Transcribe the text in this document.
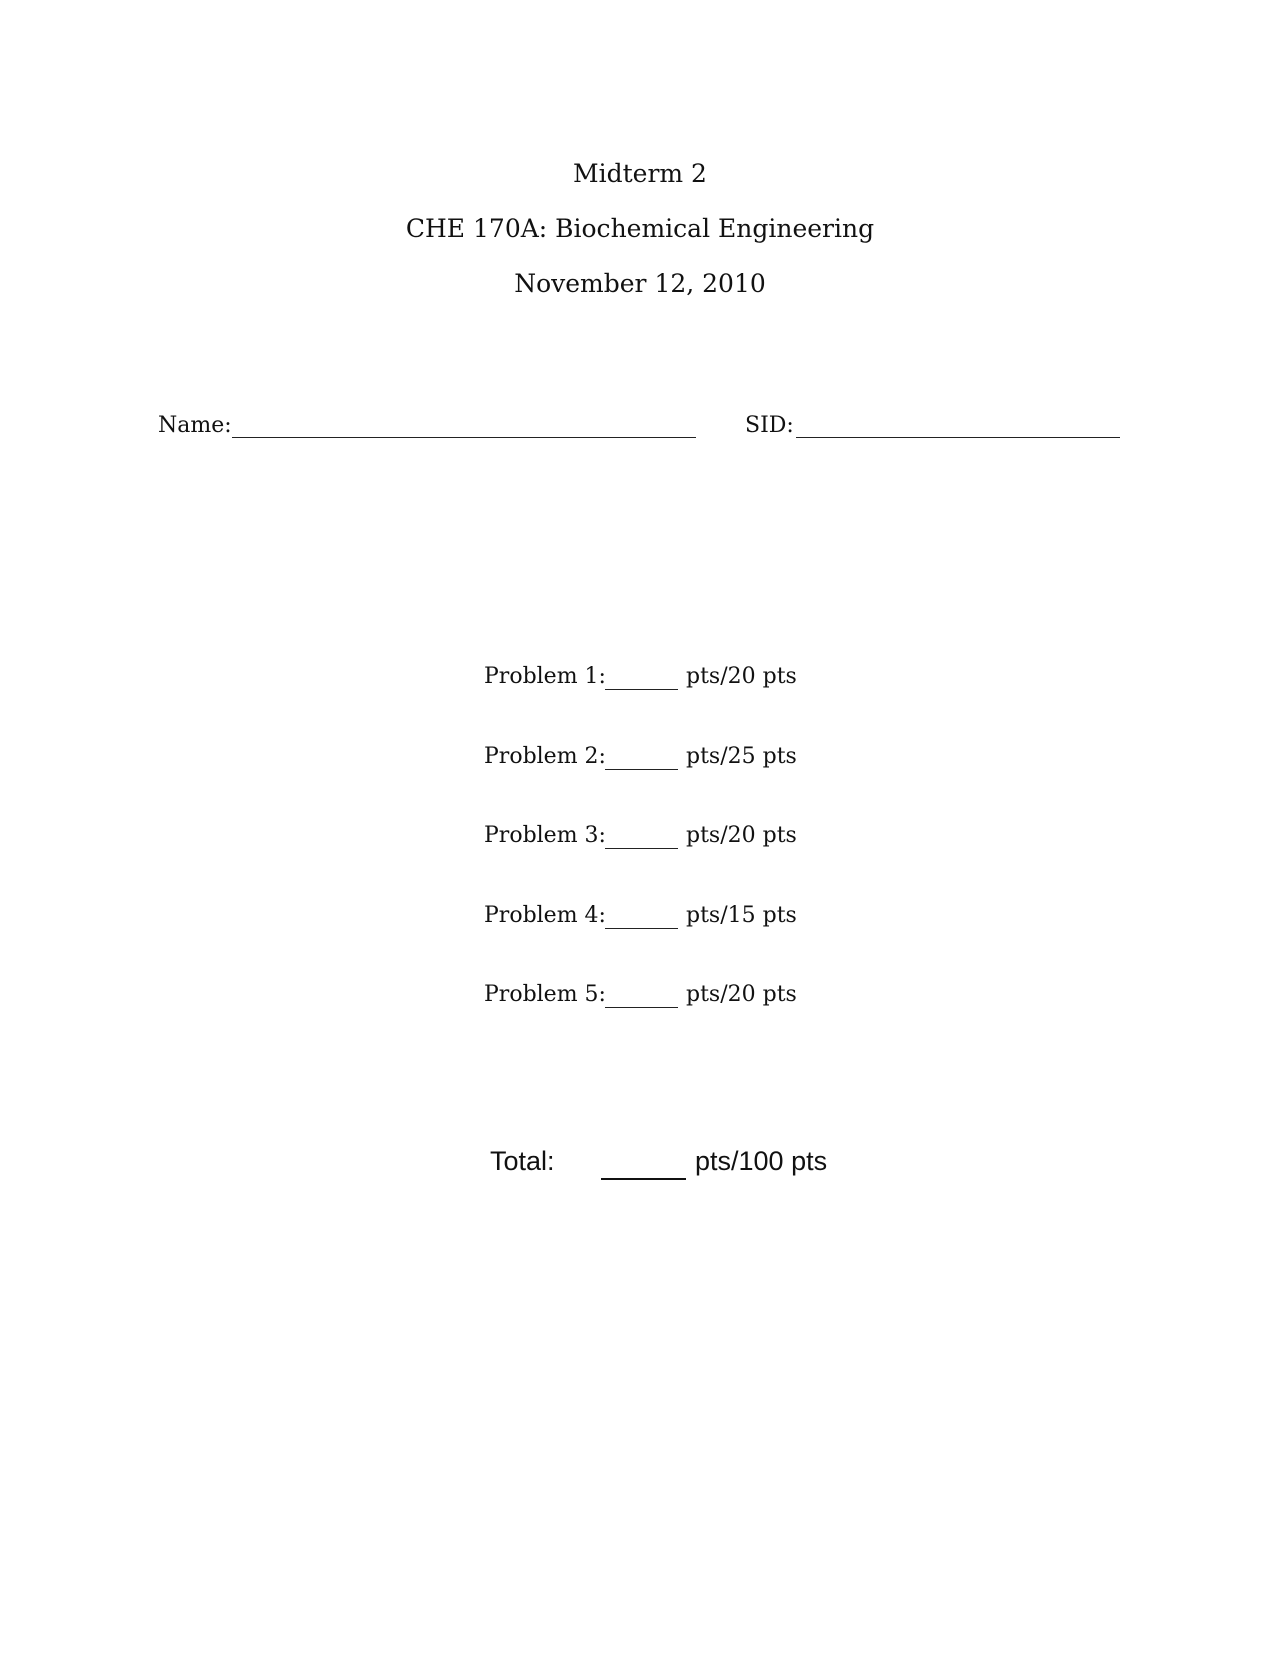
Midterm 2
CHE 170A: Biochemical Engineering
November 12, 2010
Name:	SID:
Problem 1:	pts/20 pts
Problem 2:	pts/25 pts
Problem 3:	pts/20 pts
Problem 4:	pts/15 pts
Problem 5:	pts/20 pts
Total:	pts/100 pts
